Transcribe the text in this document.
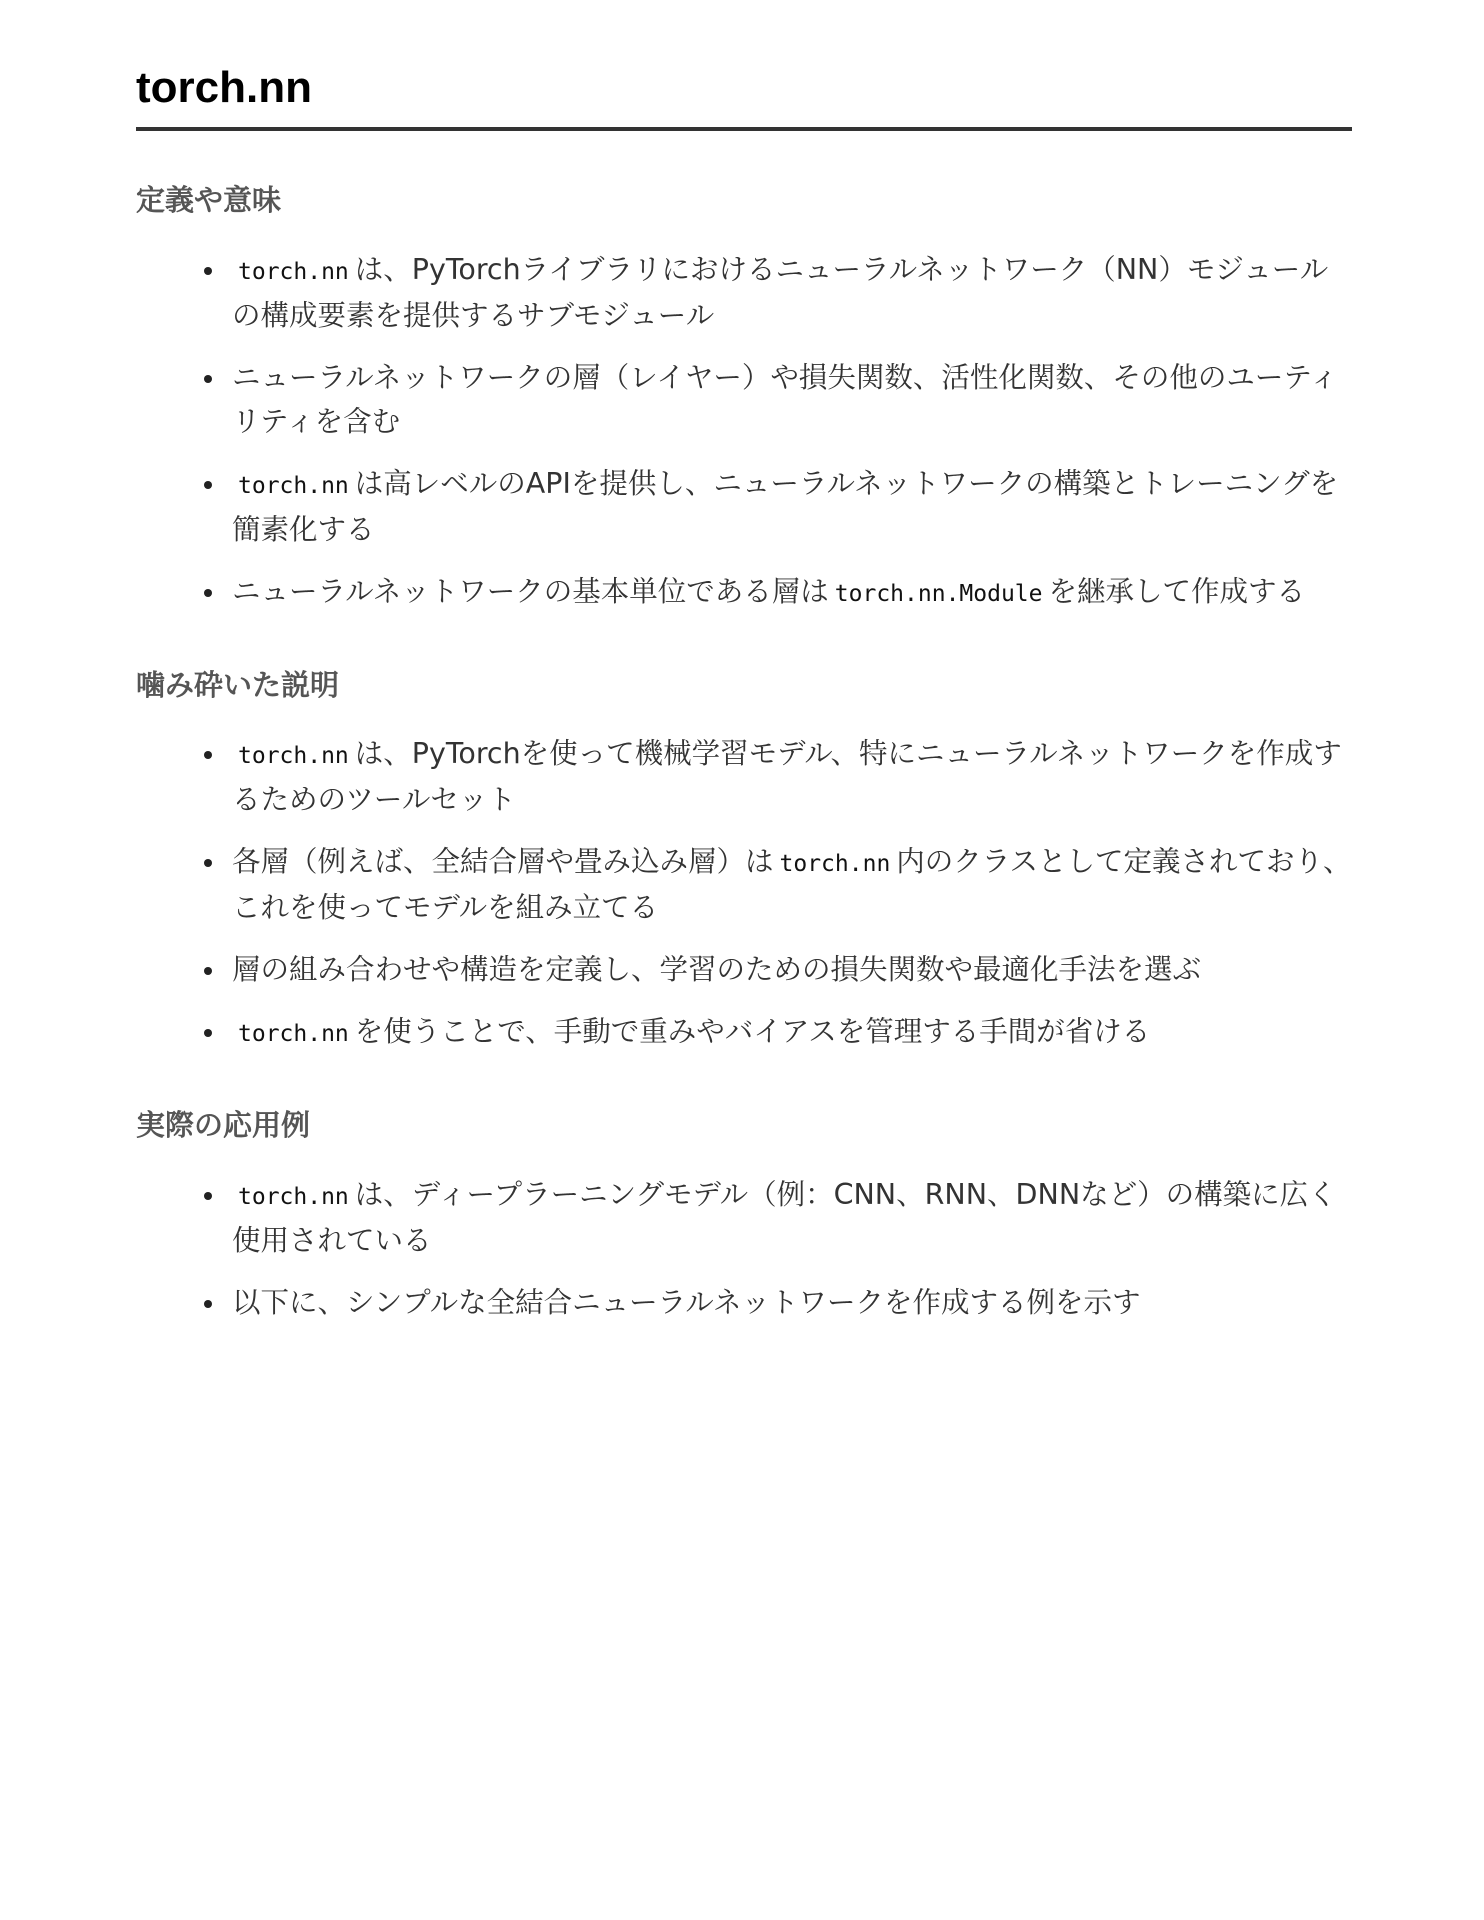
torch.nn
定義や意味
torch.nn は、PyTorchライブラリにおけるニューラルネットワーク（NN）モジュールの構成要素を提供するサブモジュール
ニューラルネットワークの層（レイヤー）や損失関数、活性化関数、その他のユーティリティを含む
torch.nn は高レベルのAPIを提供し、ニューラルネットワークの構築とトレーニングを簡素化する
ニューラルネットワークの基本単位である層は torch.nn.Module を継承して作成する
噛み砕いた説明
torch.nn は、PyTorchを使って機械学習モデル、特にニューラルネットワークを作成するためのツールセット
各層（例えば、全結合層や畳み込み層）は torch.nn 内のクラスとして定義されており、これを使ってモデルを組み立てる
層の組み合わせや構造を定義し、学習のための損失関数や最適化手法を選ぶ
torch.nn を使うことで、手動で重みやバイアスを管理する手間が省ける
実際の応用例
torch.nn は、ディープラーニングモデル（例：CNN、RNN、DNNなど）の構築に広く使用されている
以下に、シンプルな全結合ニューラルネットワークを作成する例を示す
